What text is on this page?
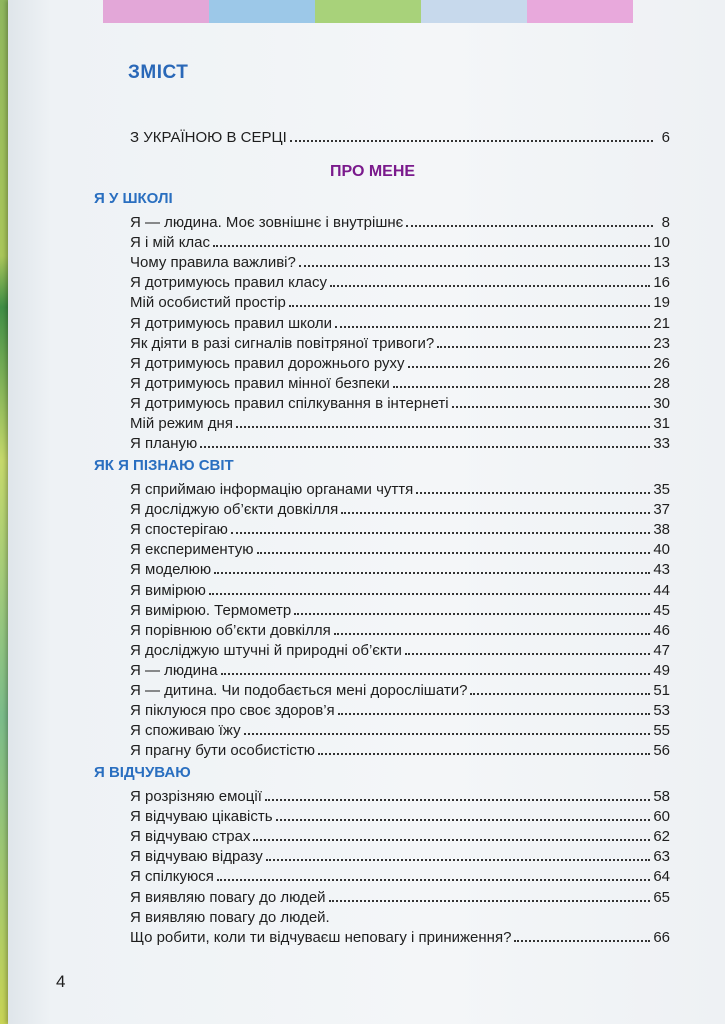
ЗМІСТ
З УКРАЇНОЮ В СЕРЦІ	6
ПРО МЕНЕ
Я У ШКОЛІ
Я — людина. Моє зовнішнє і внутрішнє	8
Я і мій клас	10
Чому правила важливі?	13
Я дотримуюсь правил класу	16
Мій особистий простір	19
Я дотримуюсь правил школи	21
Як діяти в разі сигналів повітряної тривоги?	23
Я дотримуюсь правил дорожнього руху	26
Я дотримуюсь правил мінної безпеки	28
Я дотримуюсь правил спілкування в інтернеті	30
Мій режим дня	31
Я планую	33
ЯК Я ПІЗНАЮ СВІТ
Я сприймаю інформацію органами чуття	35
Я досліджую об’єкти довкілля	37
Я спостерігаю	38
Я експериментую	40
Я моделюю	43
Я вимірюю	44
Я вимірюю. Термометр	45
Я порівнюю об’єкти довкілля	46
Я досліджую штучні й природні об’єкти	47
Я — людина	49
Я — дитина. Чи подобається мені дорослішати?	51
Я піклуюся про своє здоров’я	53
Я споживаю їжу	55
Я прагну бути особистістю	56
Я ВІДЧУВАЮ
Я розрізняю емоції	58
Я відчуваю цікавість	60
Я відчуваю страх	62
Я відчуваю відразу	63
Я спілкуюся	64
Я виявляю повагу до людей	65
Я виявляю повагу до людей.
Що робити, коли ти відчуваєш неповагу і приниження?	66
4
